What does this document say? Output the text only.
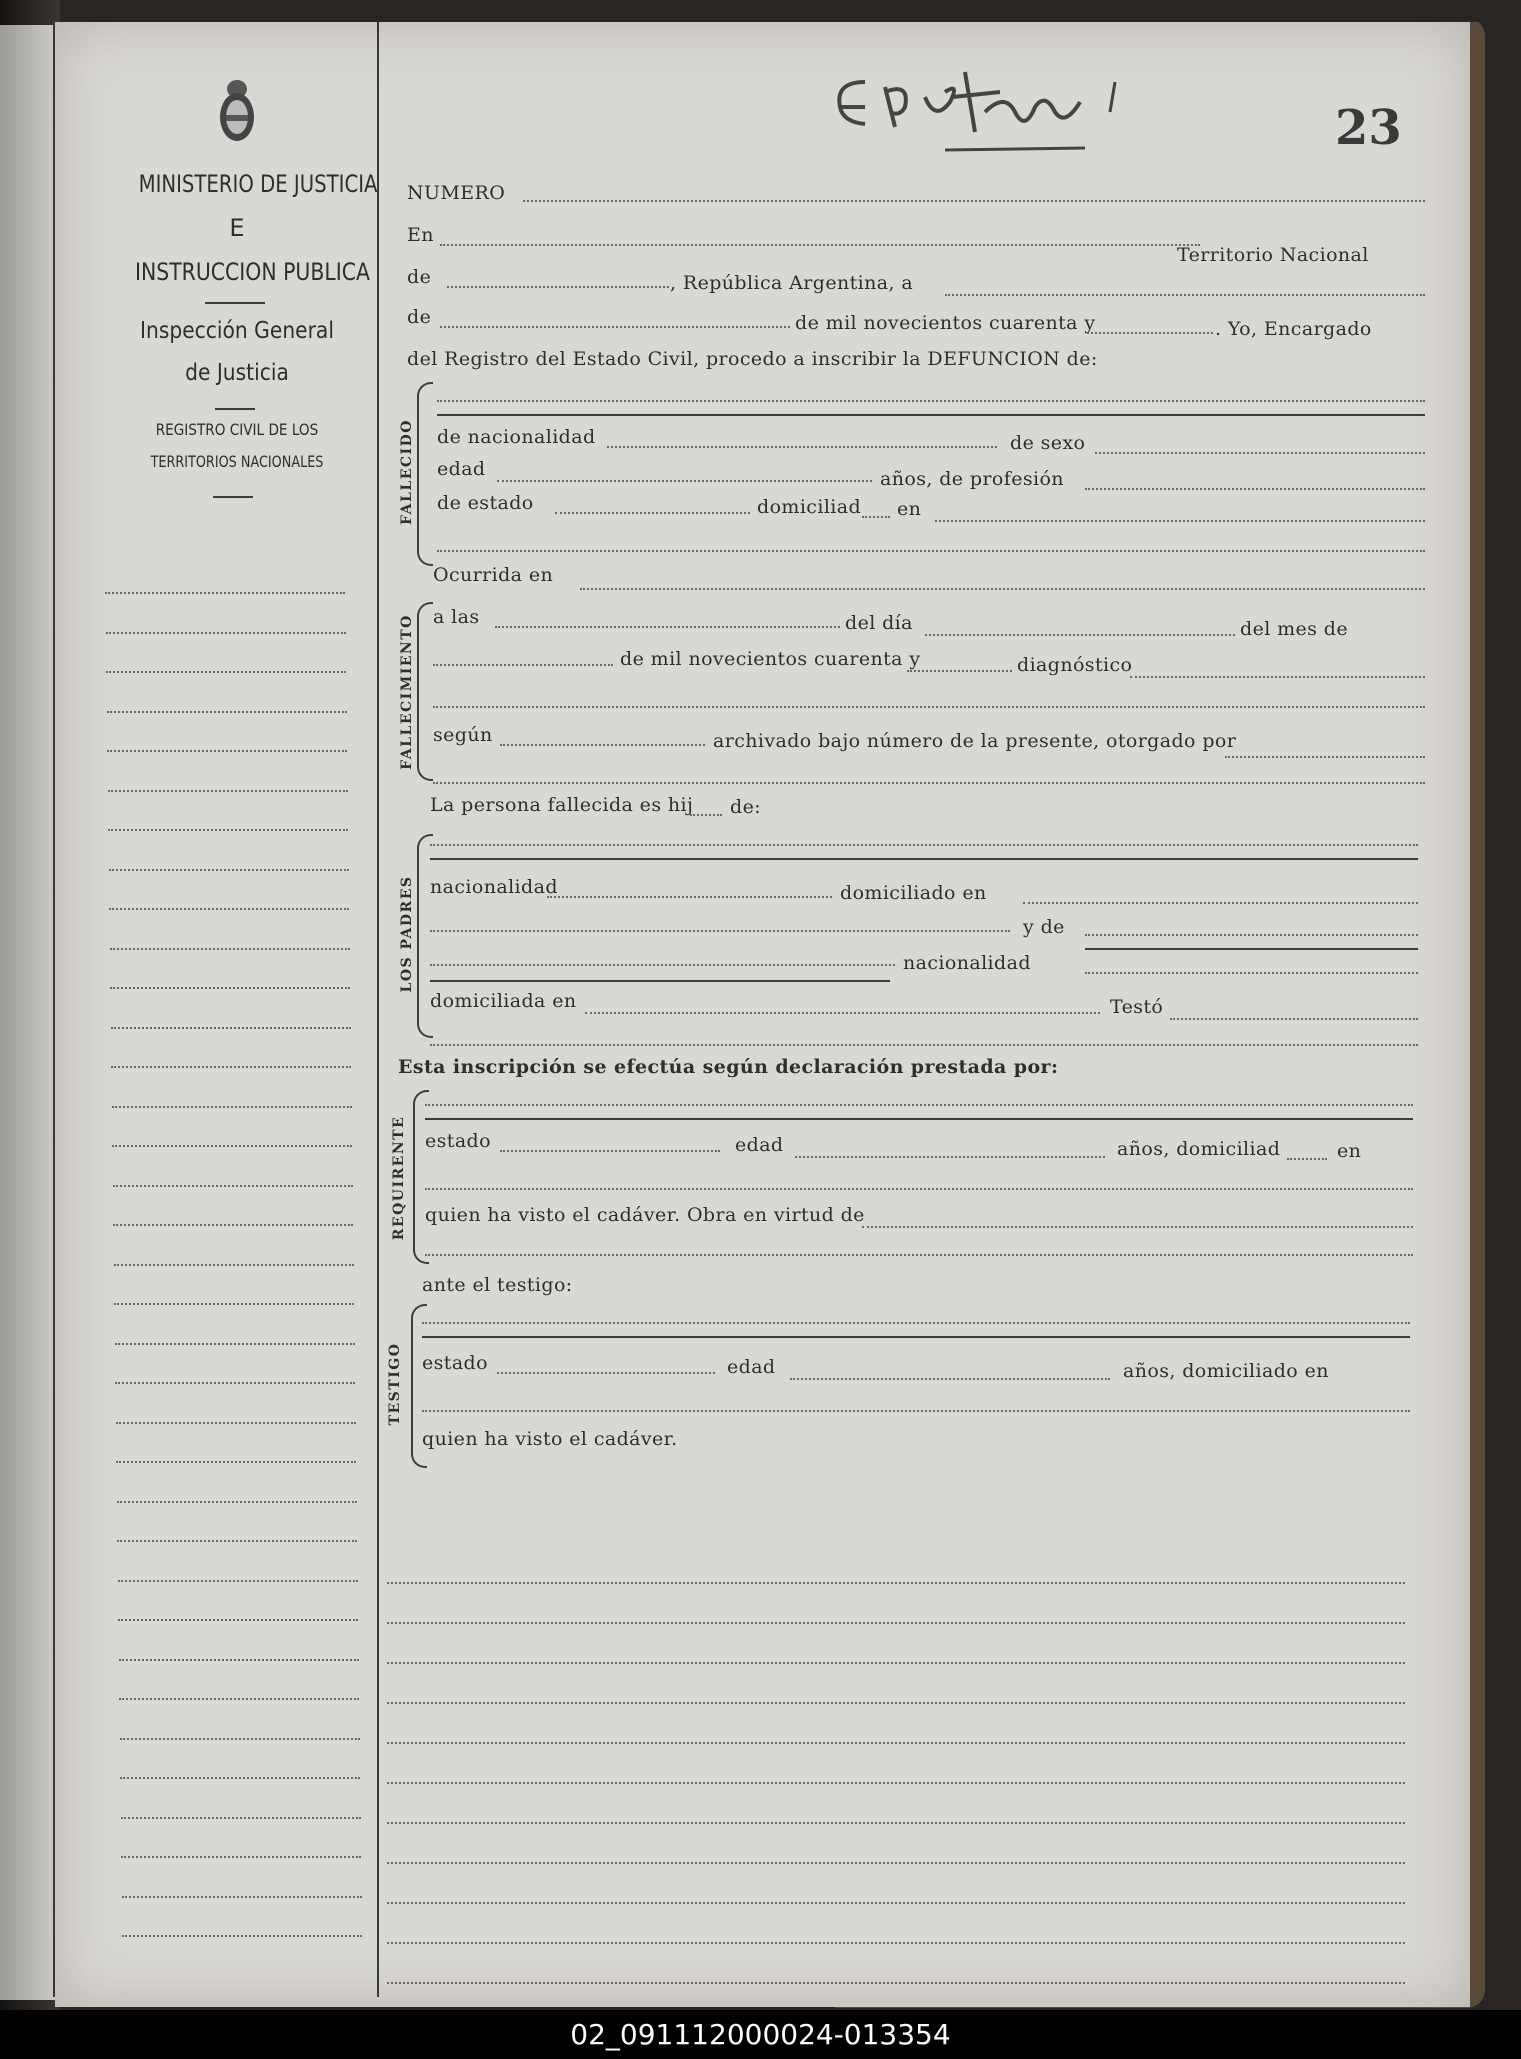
MINISTERIO DE JUSTICIA
E
INSTRUCCION PUBLICA
Inspección General
de Justicia
REGISTRO CIVIL DE LOS
TERRITORIOS NACIONALES
23
NUMERO
En
Territorio Nacional
de	, República Argentina, a
de	de mil novecientos cuarenta y	. Yo, Encargado
del Registro del Estado Civil, procedo a inscribir la DEFUNCION de:
FALLECIDO de nacionalidad	de sexo
edad	años, de profesión
de estado	domiciliad en
Ocurrida en
FALLECIMIENTO a las	del día	del mes de
de mil novecientos cuarenta y	diagnóstico
según	archivado bajo número de la presente, otorgado por
La persona fallecida es hij de:
LOS PADRES nacionalidad	domiciliado en
y de
nacionalidad
domiciliada en	Testó
Esta inscripción se efectúa según declaración prestada por:
REQUIRENTE estado	edad	años, domiciliad	en
quien ha visto el cadáver. Obra en virtud de
ante el testigo:
TESTIGO estado	edad	años, domiciliado en
quien ha visto el cadáver.
02_091112000024-013354
